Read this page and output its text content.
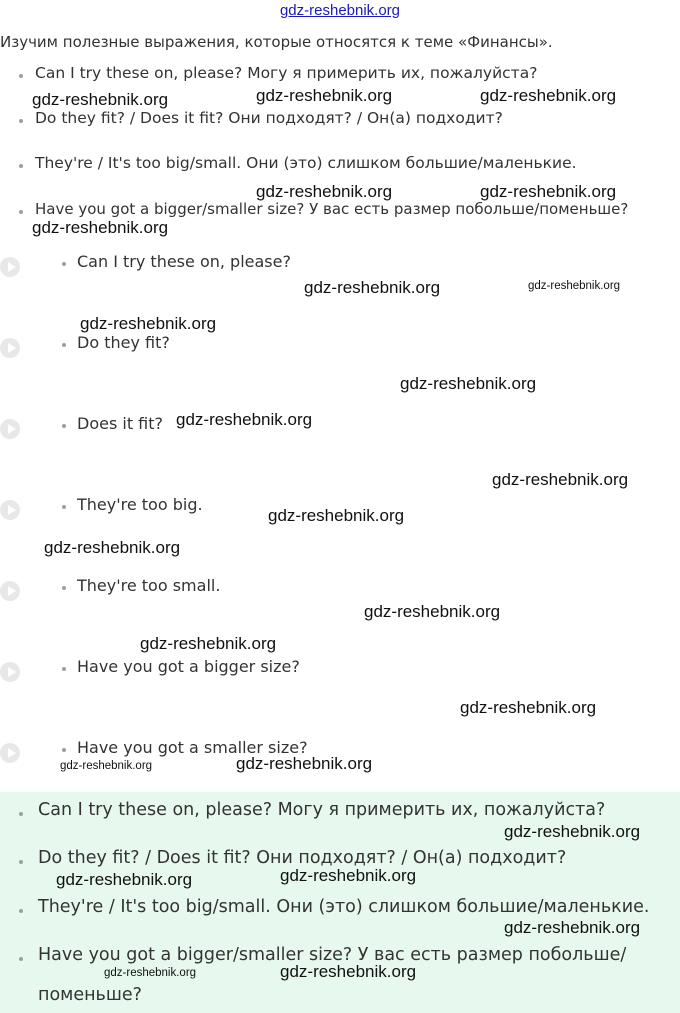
gdz-reshebnik.org
Изучим полезные выражения, которые относятся к теме «Финансы».
Can I try these on, please? Могу я примерить их, пожалуйста?
Do they fit? / Does it fit? Они подходят? / Он(а) подходит?
They're / It's too big/small. Они (это) слишком большие/маленькие.
Have you got a bigger/smaller size? У вас есть размер побольше/поменьше?
Can I try these on, please?
Do they fit?
Does it fit?
They're too big.
They're too small.
Have you got a bigger size?
Have you got a smaller size?
Can I try these on, please? Могу я примерить их, пожалуйста?
Do they fit? / Does it fit? Они подходят? / Он(а) подходит?
They're / It's too big/small. Они (это) слишком большие/маленькие.
Have you got a bigger/smaller size? У вас есть размер побольше/
поменьше?
gdz-reshebnik.org	gdz-reshebnik.org	gdz-reshebnik.org
gdz-reshebnik.org	gdz-reshebnik.org
gdz-reshebnik.org
gdz-reshebnik.org	gdz-reshebnik.org
gdz-reshebnik.org
gdz-reshebnik.org
gdz-reshebnik.org
gdz-reshebnik.org
gdz-reshebnik.org
gdz-reshebnik.org
gdz-reshebnik.org
gdz-reshebnik.org
gdz-reshebnik.org
gdz-reshebnik.org	gdz-reshebnik.org
gdz-reshebnik.org
gdz-reshebnik.org	gdz-reshebnik.org
gdz-reshebnik.org
gdz-reshebnik.org	gdz-reshebnik.org
